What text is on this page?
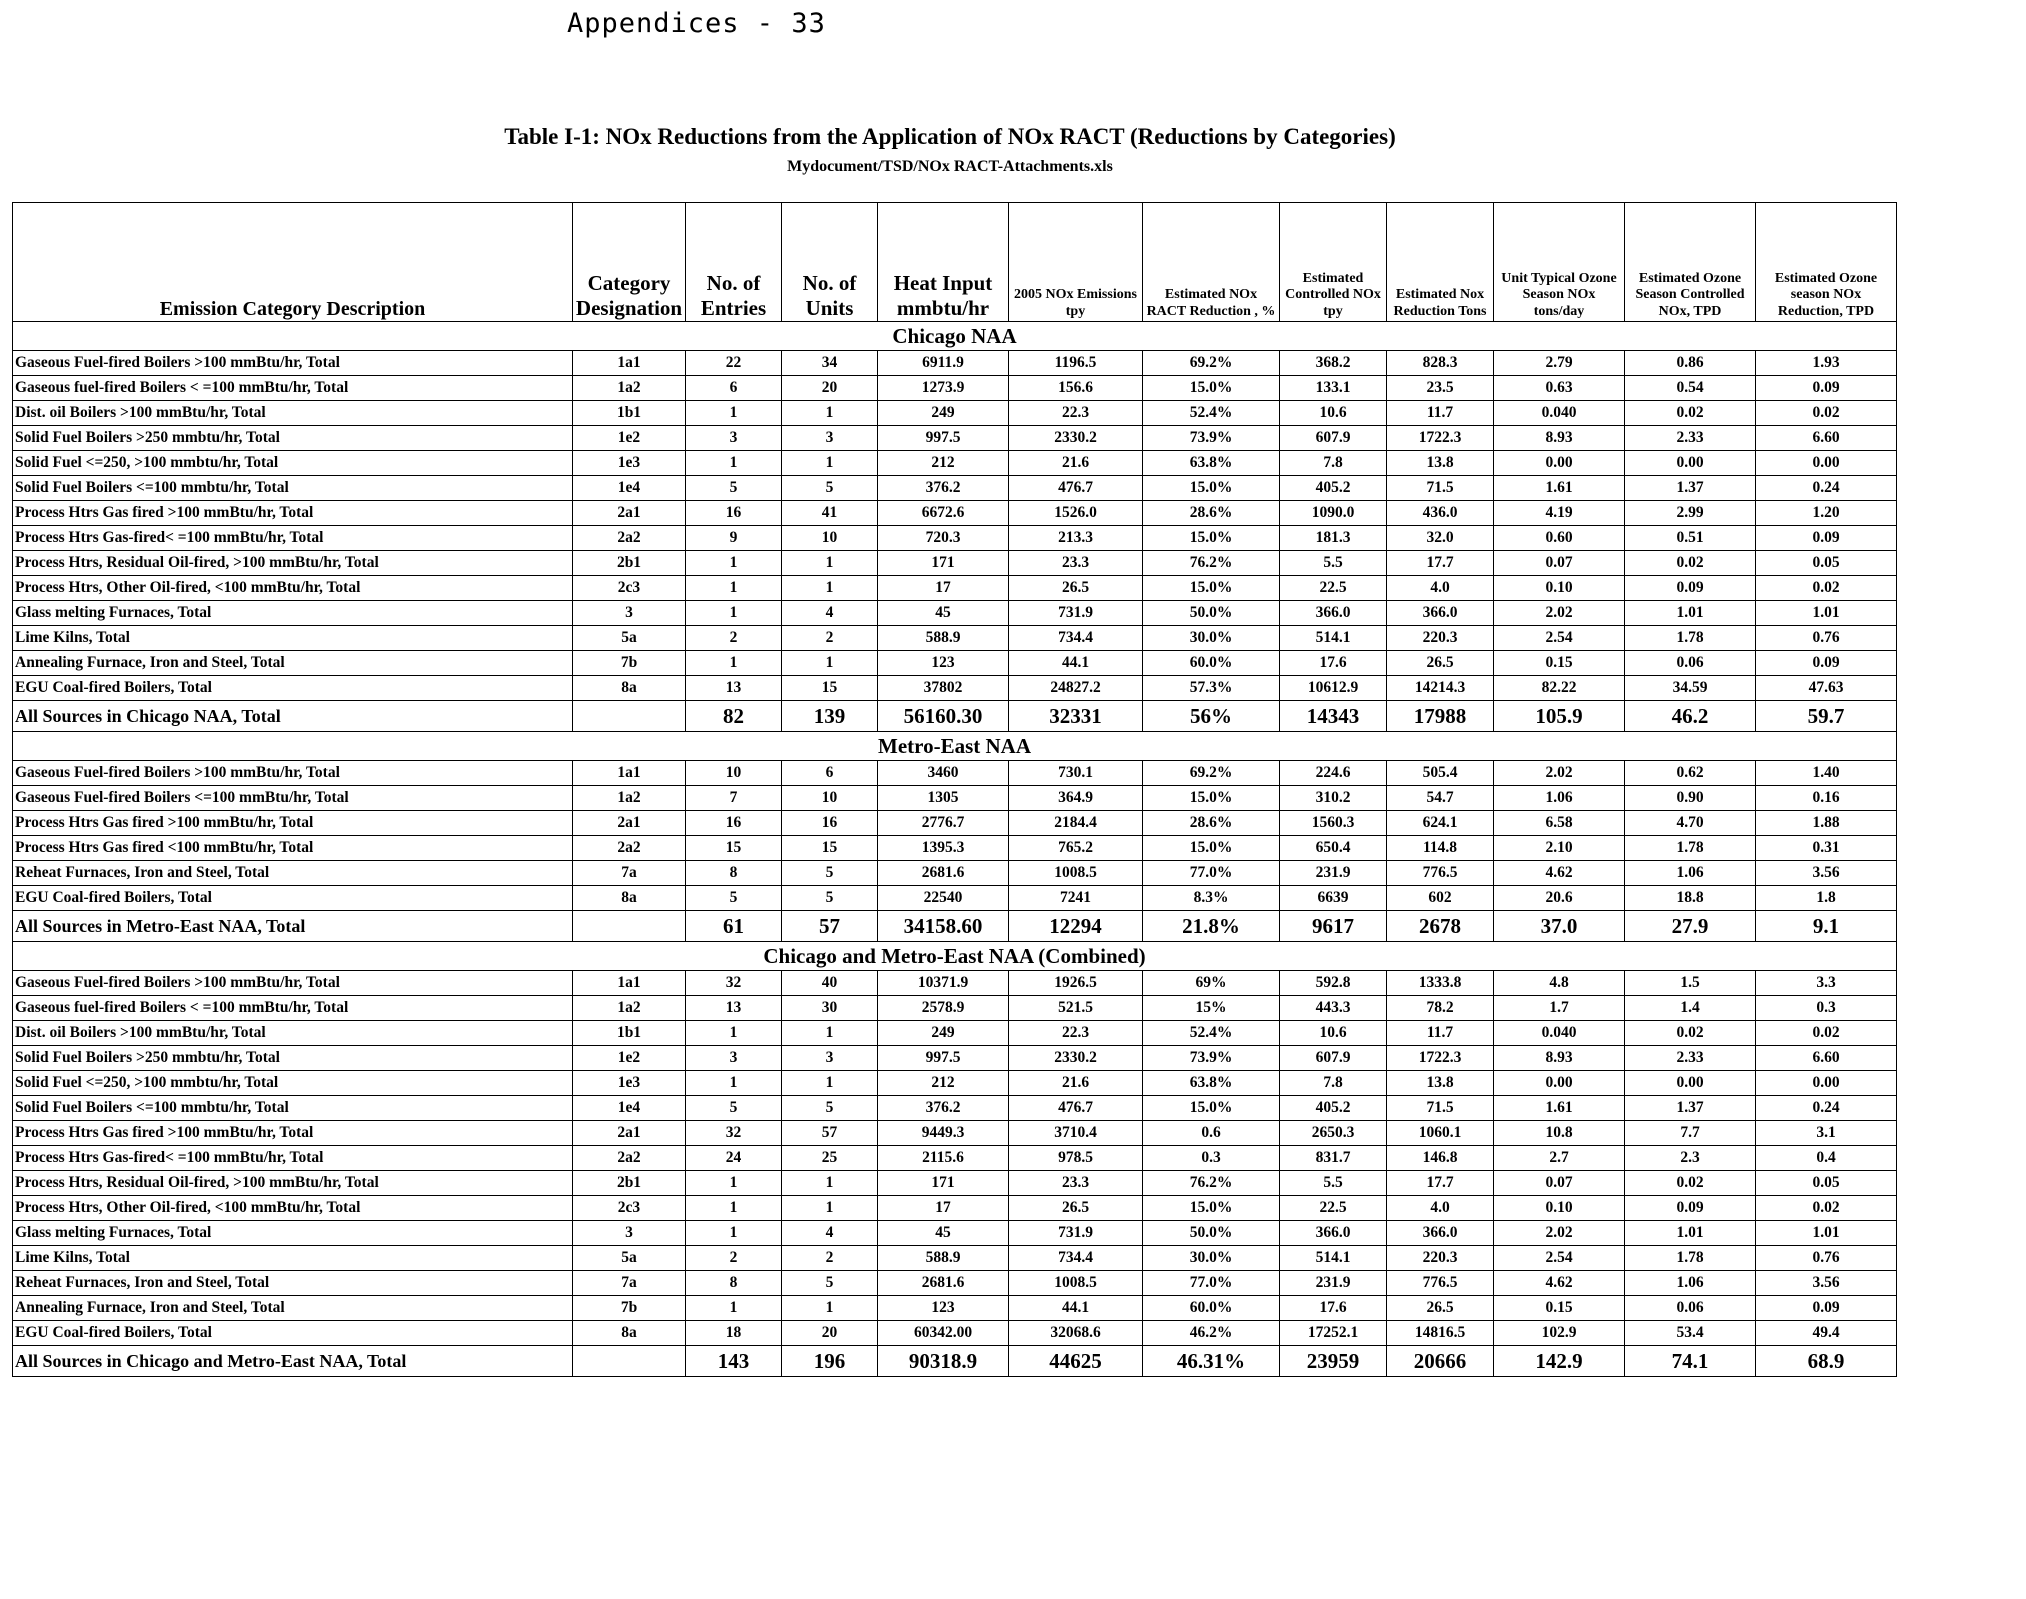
Appendices - 33
Table I-1: NOx Reductions from the Application of NOx RACT (Reductions by Categories)
Mydocument/TSD/NOx RACT-Attachments.xls
Emission Category Description	Category Designation	No. of Entries	No. of Units	Heat Input mmbtu/hr	2005 NOx Emissions tpy	Estimated NOx RACT Reduction , %	Estimated Controlled NOx tpy	Estimated Nox Reduction Tons	Unit Typical Ozone Season NOx tons/day	Estimated Ozone Season Controlled NOx, TPD	Estimated Ozone season NOx Reduction, TPD
Chicago NAA											
Gaseous Fuel-fired Boilers >100 mmBtu/hr, Total	1a1	22	34	6911.9	1196.5	69.2%	368.2	828.3	2.79	0.86	1.93
Gaseous fuel-fired Boilers < =100 mmBtu/hr, Total	1a2	6	20	1273.9	156.6	15.0%	133.1	23.5	0.63	0.54	0.09
Dist. oil Boilers >100 mmBtu/hr, Total	1b1	1	1	249	22.3	52.4%	10.6	11.7	0.040	0.02	0.02
Solid Fuel Boilers >250 mmbtu/hr, Total	1e2	3	3	997.5	2330.2	73.9%	607.9	1722.3	8.93	2.33	6.60
Solid Fuel <=250, >100 mmbtu/hr, Total	1e3	1	1	212	21.6	63.8%	7.8	13.8	0.00	0.00	0.00
Solid Fuel Boilers <=100 mmbtu/hr, Total	1e4	5	5	376.2	476.7	15.0%	405.2	71.5	1.61	1.37	0.24
Process Htrs Gas fired >100 mmBtu/hr, Total	2a1	16	41	6672.6	1526.0	28.6%	1090.0	436.0	4.19	2.99	1.20
Process Htrs Gas-fired< =100 mmBtu/hr, Total	2a2	9	10	720.3	213.3	15.0%	181.3	32.0	0.60	0.51	0.09
Process Htrs, Residual Oil-fired, >100 mmBtu/hr, Total	2b1	1	1	171	23.3	76.2%	5.5	17.7	0.07	0.02	0.05
Process Htrs, Other Oil-fired, <100 mmBtu/hr, Total	2c3	1	1	17	26.5	15.0%	22.5	4.0	0.10	0.09	0.02
Glass melting Furnaces, Total	3	1	4	45	731.9	50.0%	366.0	366.0	2.02	1.01	1.01
Lime Kilns, Total	5a	2	2	588.9	734.4	30.0%	514.1	220.3	2.54	1.78	0.76
Annealing Furnace, Iron and Steel, Total	7b	1	1	123	44.1	60.0%	17.6	26.5	0.15	0.06	0.09
EGU Coal-fired Boilers, Total	8a	13	15	37802	24827.2	57.3%	10612.9	14214.3	82.22	34.59	47.63
All Sources in Chicago NAA, Total		82	139	56160.30	32331	56%	14343	17988	105.9	46.2	59.7
Metro-East NAA											
Gaseous Fuel-fired Boilers >100 mmBtu/hr, Total	1a1	10	6	3460	730.1	69.2%	224.6	505.4	2.02	0.62	1.40
Gaseous Fuel-fired Boilers <=100 mmBtu/hr, Total	1a2	7	10	1305	364.9	15.0%	310.2	54.7	1.06	0.90	0.16
Process Htrs Gas fired >100 mmBtu/hr, Total	2a1	16	16	2776.7	2184.4	28.6%	1560.3	624.1	6.58	4.70	1.88
Process Htrs Gas fired <100 mmBtu/hr, Total	2a2	15	15	1395.3	765.2	15.0%	650.4	114.8	2.10	1.78	0.31
Reheat Furnaces, Iron and Steel, Total	7a	8	5	2681.6	1008.5	77.0%	231.9	776.5	4.62	1.06	3.56
EGU Coal-fired Boilers, Total	8a	5	5	22540	7241	8.3%	6639	602	20.6	18.8	1.8
All Sources in Metro-East NAA, Total		61	57	34158.60	12294	21.8%	9617	2678	37.0	27.9	9.1
Chicago and Metro-East NAA (Combined)											
Gaseous Fuel-fired Boilers >100 mmBtu/hr, Total	1a1	32	40	10371.9	1926.5	69%	592.8	1333.8	4.8	1.5	3.3
Gaseous fuel-fired Boilers < =100 mmBtu/hr, Total	1a2	13	30	2578.9	521.5	15%	443.3	78.2	1.7	1.4	0.3
Dist. oil Boilers >100 mmBtu/hr, Total	1b1	1	1	249	22.3	52.4%	10.6	11.7	0.040	0.02	0.02
Solid Fuel Boilers >250 mmbtu/hr, Total	1e2	3	3	997.5	2330.2	73.9%	607.9	1722.3	8.93	2.33	6.60
Solid Fuel <=250, >100 mmbtu/hr, Total	1e3	1	1	212	21.6	63.8%	7.8	13.8	0.00	0.00	0.00
Solid Fuel Boilers <=100 mmbtu/hr, Total	1e4	5	5	376.2	476.7	15.0%	405.2	71.5	1.61	1.37	0.24
Process Htrs Gas fired >100 mmBtu/hr, Total	2a1	32	57	9449.3	3710.4	0.6	2650.3	1060.1	10.8	7.7	3.1
Process Htrs Gas-fired< =100 mmBtu/hr, Total	2a2	24	25	2115.6	978.5	0.3	831.7	146.8	2.7	2.3	0.4
Process Htrs, Residual Oil-fired, >100 mmBtu/hr, Total	2b1	1	1	171	23.3	76.2%	5.5	17.7	0.07	0.02	0.05
Process Htrs, Other Oil-fired, <100 mmBtu/hr, Total	2c3	1	1	17	26.5	15.0%	22.5	4.0	0.10	0.09	0.02
Glass melting Furnaces, Total	3	1	4	45	731.9	50.0%	366.0	366.0	2.02	1.01	1.01
Lime Kilns, Total	5a	2	2	588.9	734.4	30.0%	514.1	220.3	2.54	1.78	0.76
Reheat Furnaces, Iron and Steel, Total	7a	8	5	2681.6	1008.5	77.0%	231.9	776.5	4.62	1.06	3.56
Annealing Furnace, Iron and Steel, Total	7b	1	1	123	44.1	60.0%	17.6	26.5	0.15	0.06	0.09
EGU Coal-fired Boilers, Total	8a	18	20	60342.00	32068.6	46.2%	17252.1	14816.5	102.9	53.4	49.4
All Sources in Chicago and Metro-East NAA, Total		143	196	90318.9	44625	46.31%	23959	20666	142.9	74.1	68.9
